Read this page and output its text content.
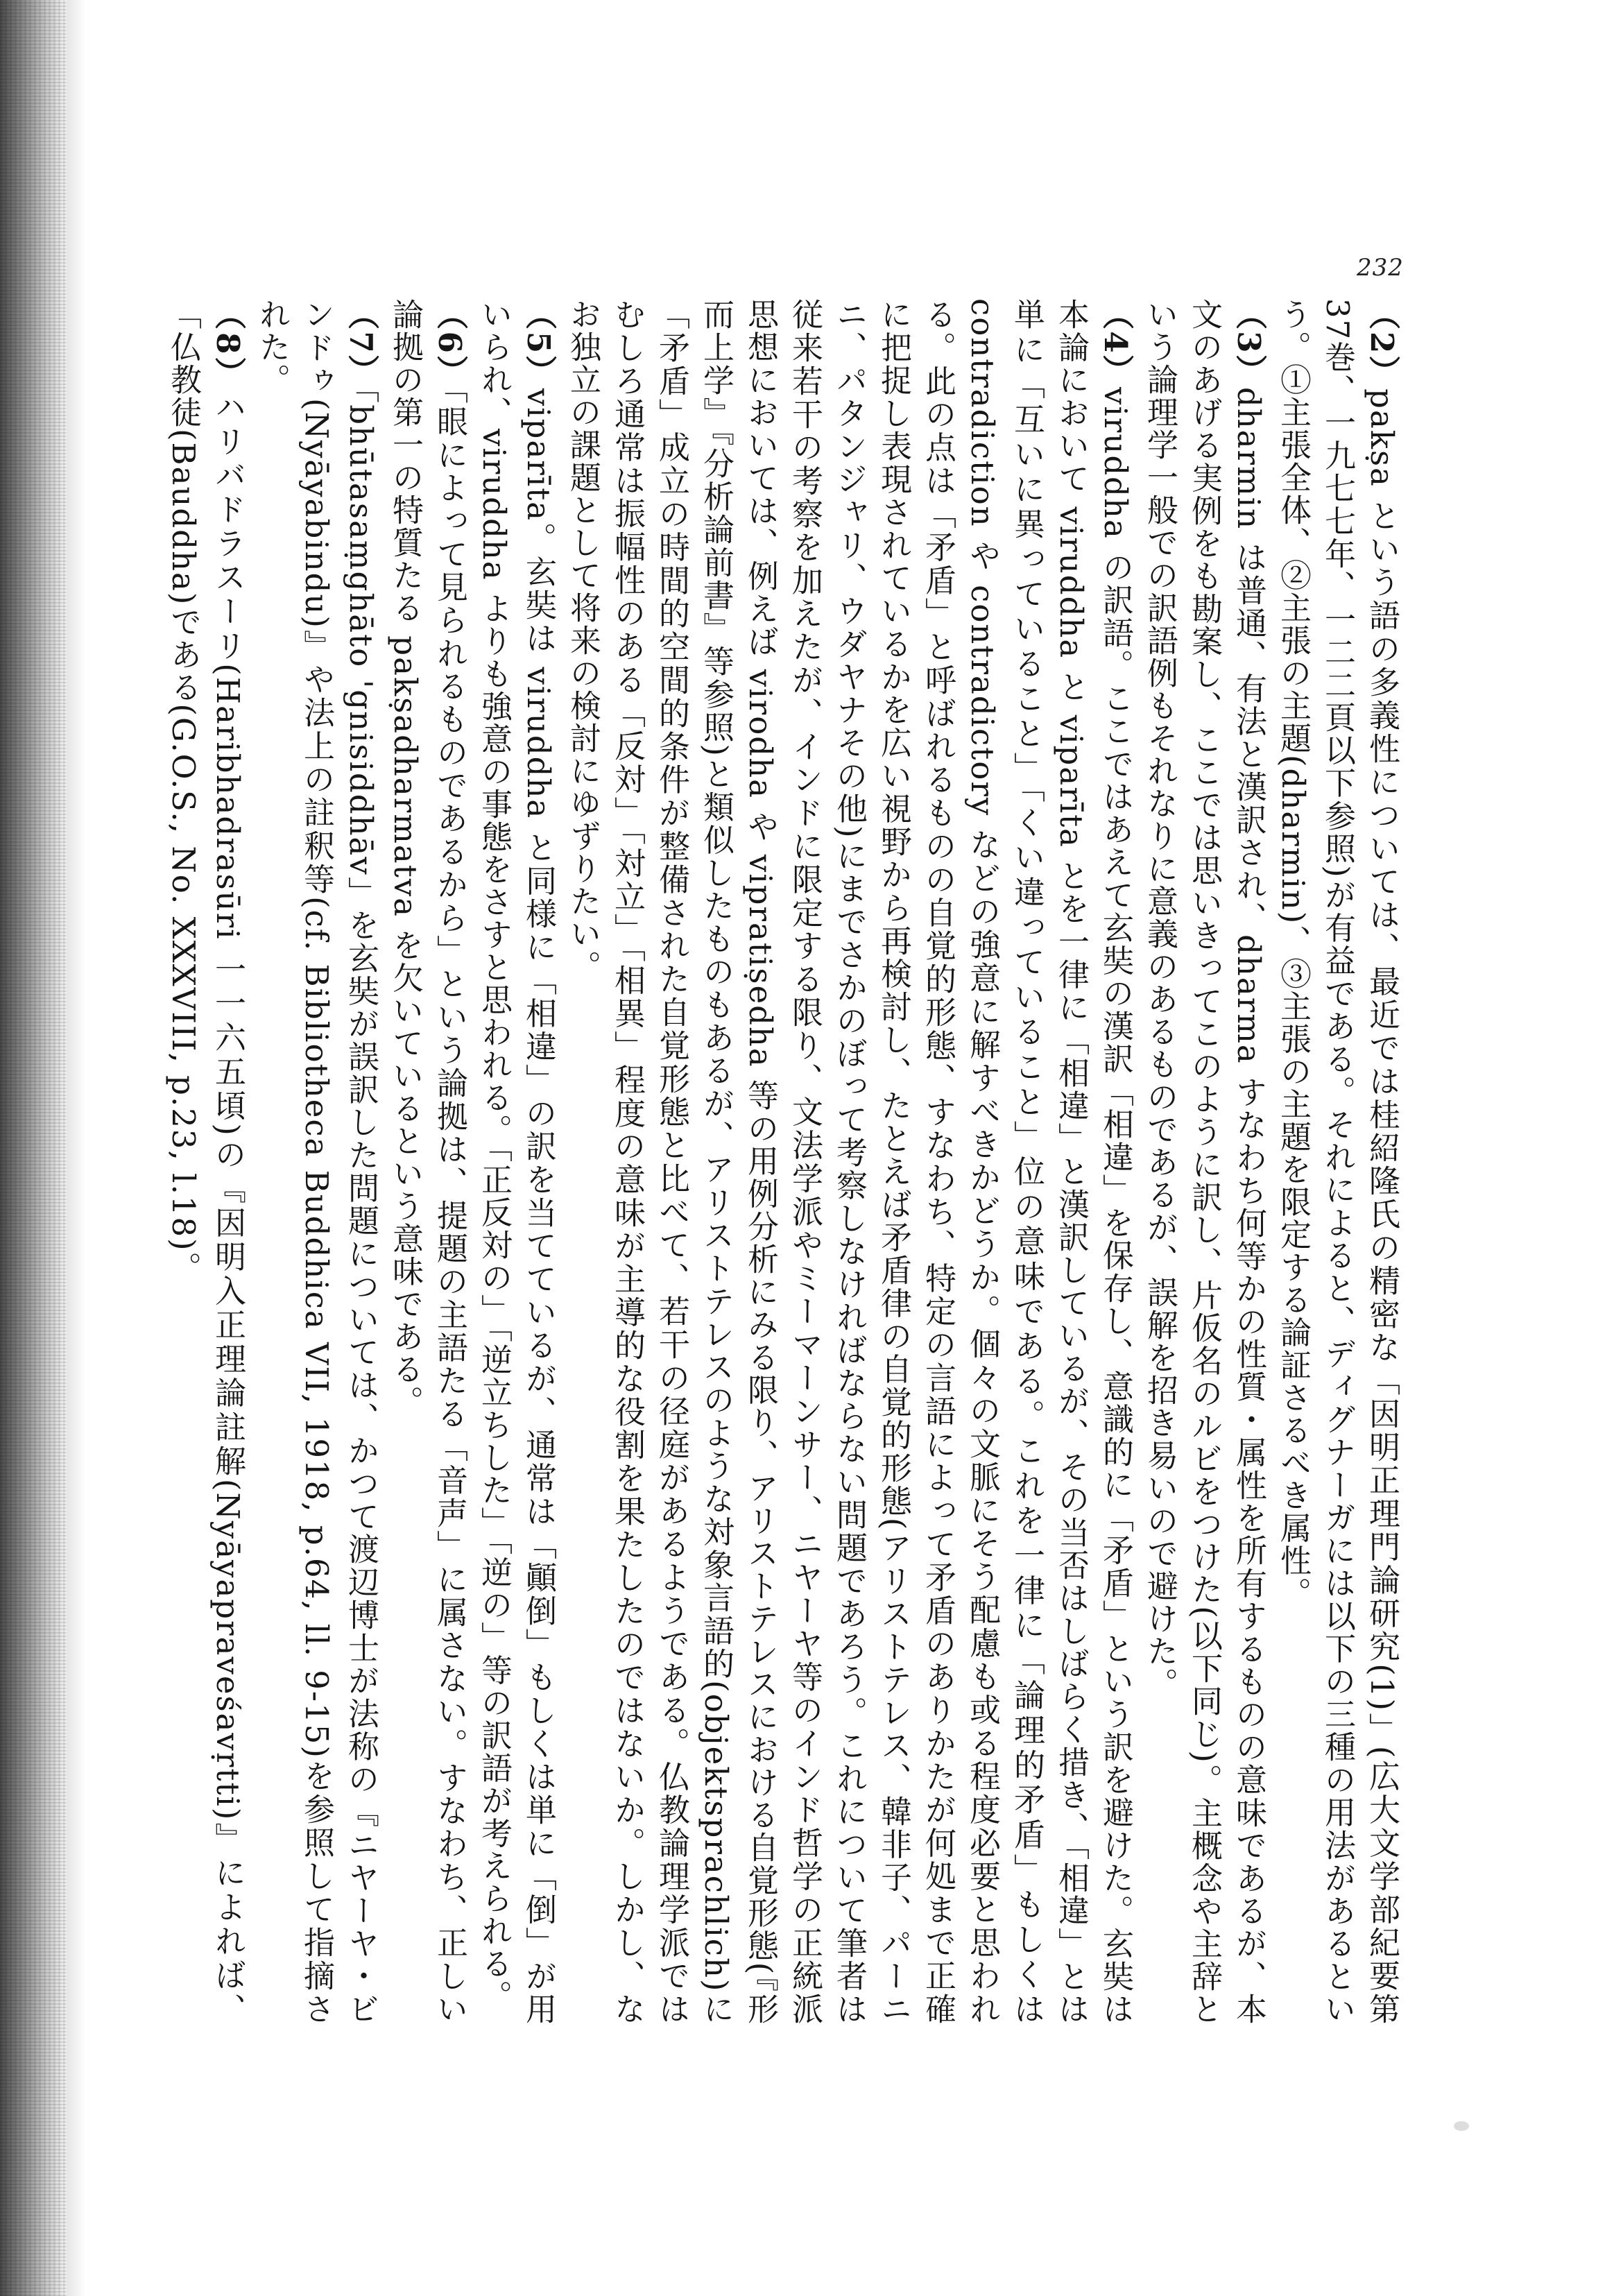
232

（2）pakṣa という語の多義性については、最近では桂紹隆氏の精密な「因明正理門論研究(1)」(広大文学部紀要第37巻、一九七七年、一二二頁以下参照)が有益である。それによると、ディグナーガには以下の三種の用法があるという。①主張全体、②主張の主題(dharmin)、③主張の主題を限定する論証さるべき属性。

（3）dharmin は普通、有法と漢訳され、dharma すなわち何等かの性質・属性を所有するものの意味であるが、本文のあげる実例をも勘案し、ここでは思いきってこのように訳し、片仮名のルビをつけた(以下同じ)。主概念や主辞という論理学一般での訳語例もそれなりに意義のあるものであるが、誤解を招き易いので避けた。

（4）viruddha の訳語。ここではあえて玄奘の漢訳「相違」を保存し、意識的に「矛盾」という訳を避けた。玄奘は本論において viruddha と viparīta とを一律に「相違」と漢訳しているが、その当否はしばらく措き、「相違」とは単に「互いに異っていること」「くい違っていること」位の意味である。これを一律に「論理的矛盾」もしくは contradiction や contradictory などの強意に解すべきかどうか。個々の文脈にそう配慮も或る程度必要と思われる。此の点は「矛盾」と呼ばれるものの自覚的形態、すなわち、特定の言語によって矛盾のありかたが何処まで正確に把捉し表現されているかを広い視野から再検討し、たとえば矛盾律の自覚的形態(アリストテレス、韓非子、パーニニ、パタンジャリ、ウダヤナその他)にまでさかのぼって考察しなければならない問題であろう。これについて筆者は従来若干の考察を加えたが、インドに限定する限り、文法学派やミーマーンサー、ニヤーヤ等のインド哲学の正統派思想においては、例えば virodha や vipratiṣedha 等の用例分析にみる限り、アリストテレスにおける自覚形態(『形而上学』『分析論前書』等参照)と類似したものもあるが、アリストテレスのような対象言語的(objektsprachlich)に「矛盾」成立の時間的空間的条件が整備された自覚形態と比べて、若干の径庭があるようである。仏教論理学派ではむしろ通常は振幅性のある「反対」「対立」「相異」程度の意味が主導的な役割を果たしたのではないか。しかし、なお独立の課題として将来の検討にゆずりたい。

（5）viparīta。玄奘は viruddha と同様に「相違」の訳を当てているが、通常は「顚倒」もしくは単に「倒」が用いられ、viruddha よりも強意の事態をさすと思われる。「正反対の」「逆立ちした」「逆の」等の訳語が考えられる。

（6）「眼によって見られるものであるから」という論拠は、提題の主語たる「音声」に属さない。すなわち、正しい論拠の第一の特質たる pakṣadharmatva を欠いているという意味である。

（7）「bhūtasaṃghāto 'gnisiddhāv」を玄奘が誤訳した問題については、かつて渡辺博士が法称の『ニヤーヤ・ビンドゥ(Nyāyabindu)』や法上の註釈等(cf. Bibliotheca Buddhica VII, 1918, p.64, ll. 9-15)を参照して指摘された。

（8）ハリバドラスーリ(Haribhadrasūri 一一六五頃)の『因明入正理論註解(Nyāyapraveśavṛtti)』によれば、「仏教徒(Bauddha)である(G.O.S., No. XXXVIII, p.23, l.18)。
